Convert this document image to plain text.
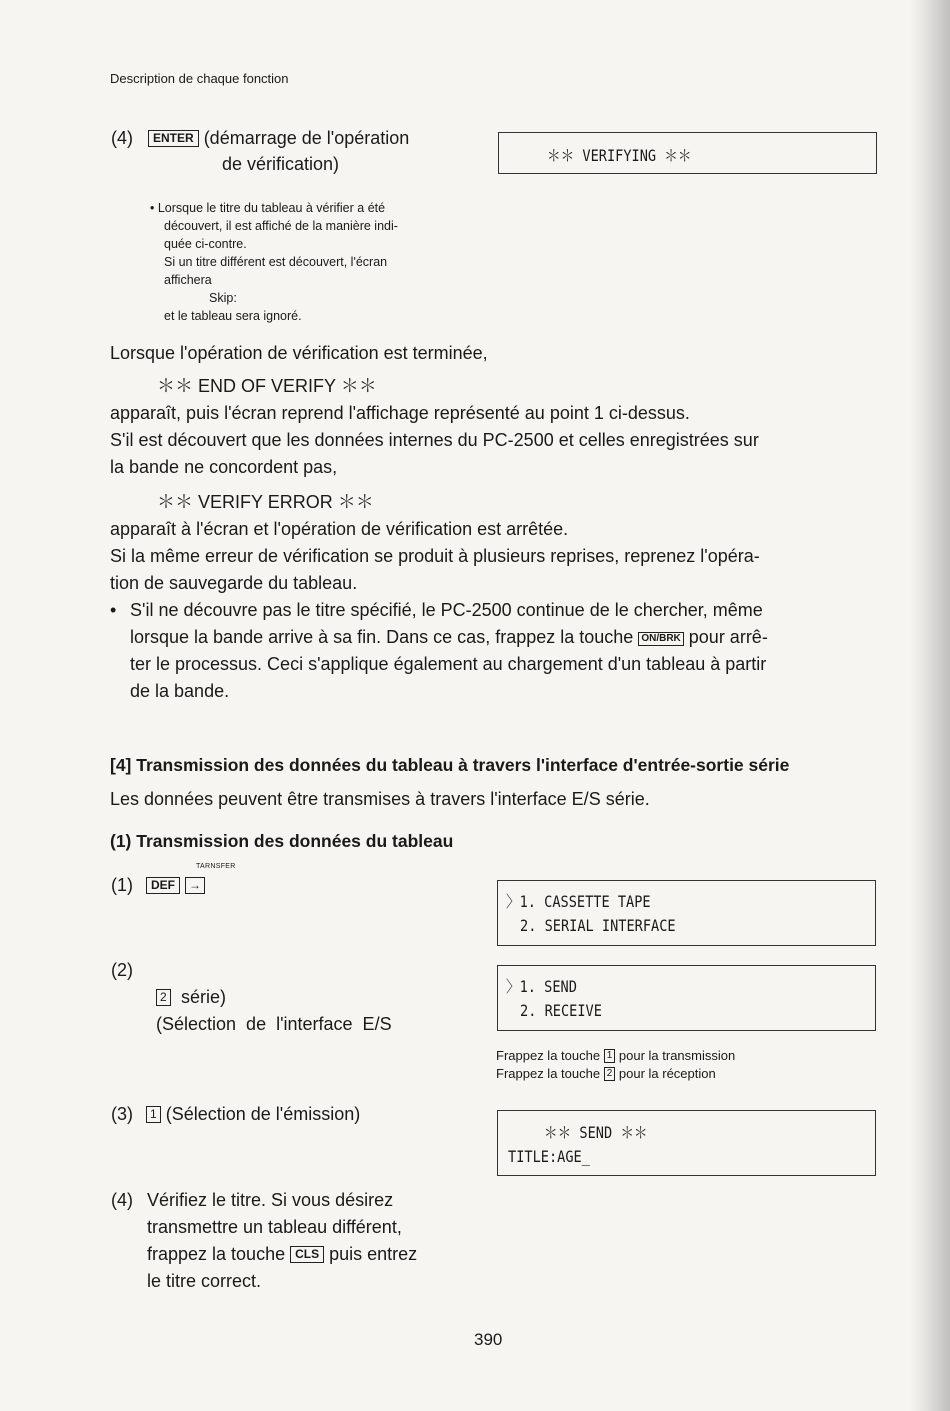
Description de chaque fonction
(4)	ENTER (démarrage de l'opération
de vérification)	＊＊ VERIFYING ＊＊

• Lorsque le titre du tableau à vérifier a été

découvert, il est affiché de la manière indi-

quée ci-contre.

Si un titre différent est découvert, l'écran

affichera

Skip:

et le tableau sera ignoré.

Lorsque l'opération de vérification est terminée,

＊＊ END OF VERIFY ＊＊

apparaît, puis l'écran reprend l'affichage représenté au point 1 ci-dessus.

S'il est découvert que les données internes du PC-2500 et celles enregistrées sur

la bande ne concordent pas,

＊＊ VERIFY ERROR ＊＊

apparaît à l'écran et l'opération de vérification est arrêtée.

Si la même erreur de vérification se produit à plusieurs reprises, reprenez l'opéra-

tion de sauvegarde du tableau.

• S'il ne découvre pas le titre spécifié, le PC-2500 continue de le chercher, même

lorsque la bande arrive à sa fin. Dans ce cas, frappez la touche ON/BRK pour arrê-

ter le processus. Ceci s'applique également au chargement d'un tableau à partir

de la bande.

[4] Transmission des données du tableau à travers l'interface d'entrée-sortie série
Les données peuvent être transmises à travers l'interface E/S série.
(1) Transmission des données du tableau
(1)
TARNSFER
DEF →
〉1. CASSETTE TAPE
2. SERIAL INTERFACE
(2)

2
(Sélection  de  l'interface  E/S

série)
〉1. SEND
2. RECEIVE

Frappez la touche 1 pour la transmission

Frappez la touche 2 pour la réception

(3)	1 (Sélection de l'émission)
＊＊ SEND ＊＊
TITLE:AGE_
(4) Vérifiez le titre. Si vous désirez

transmettre un tableau différent,

frappez la touche CLS puis entrez

le titre correct.

390
